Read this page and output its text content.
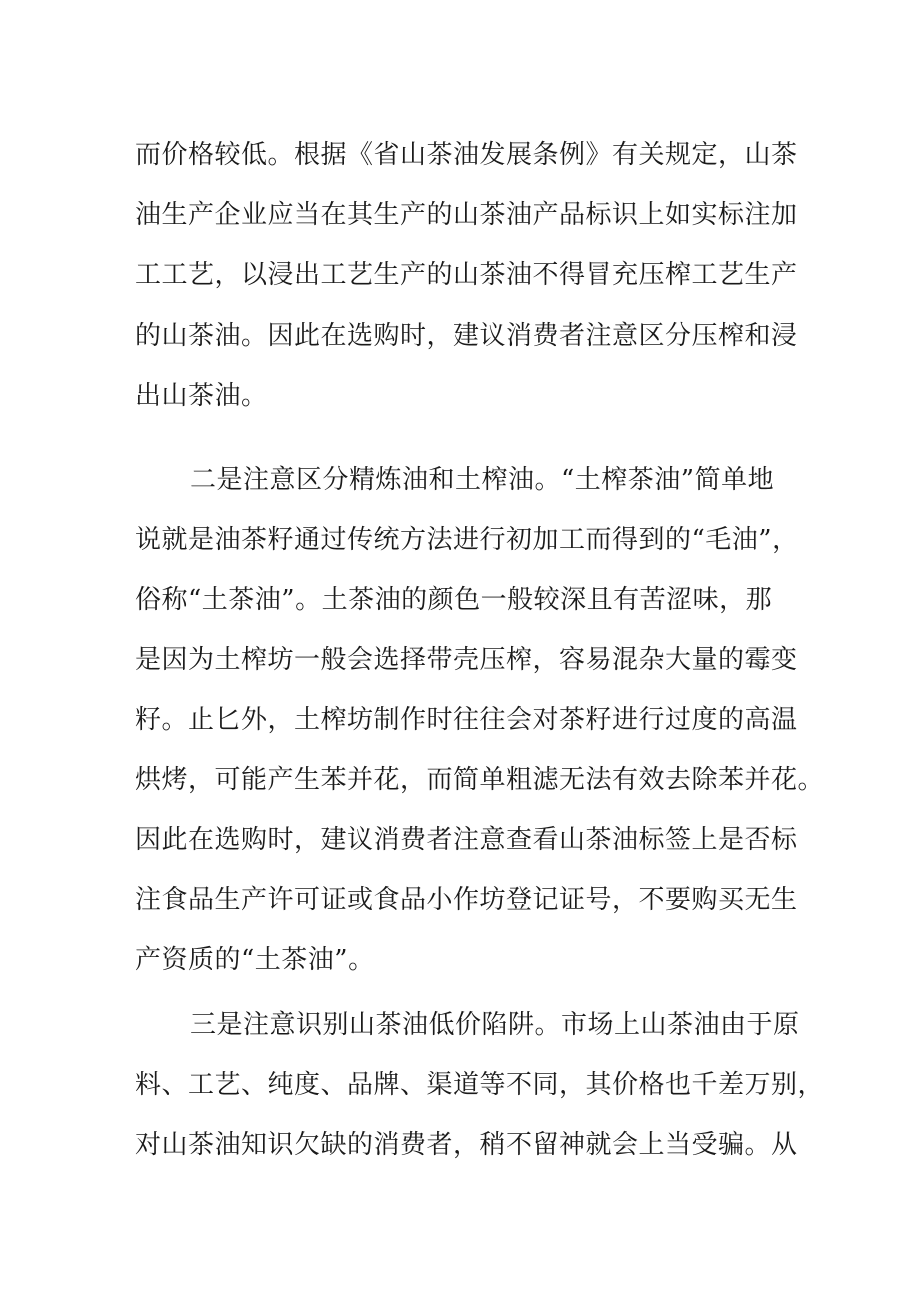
而价格较低。根据《省山茶油发展条例》有关规定，山茶
油生产企业应当在其生产的山茶油产品标识上如实标注加
工工艺，以浸出工艺生产的山茶油不得冒充压榨工艺生产
的山茶油。因此在选购时，建议消费者注意区分压榨和浸
出山茶油。
二是注意区分精炼油和土榨油。“土榨茶油”简单地
说就是油茶籽通过传统方法进行初加工而得到的“毛油”，
俗称“土茶油”。土茶油的颜色一般较深且有苦涩味，那
是因为土榨坊一般会选择带壳压榨，容易混杂大量的霉变
籽。止匕外，土榨坊制作时往往会对茶籽进行过度的高温
烘烤，可能产生苯并花，而简单粗滤无法有效去除苯并花。
因此在选购时，建议消费者注意查看山茶油标签上是否标
注食品生产许可证或食品小作坊登记证号，不要购买无生
产资质的“土茶油”。
三是注意识别山茶油低价陷阱。市场上山茶油由于原
料、工艺、纯度、品牌、渠道等不同，其价格也千差万别，
对山茶油知识欠缺的消费者，稍不留神就会上当受骗。从
